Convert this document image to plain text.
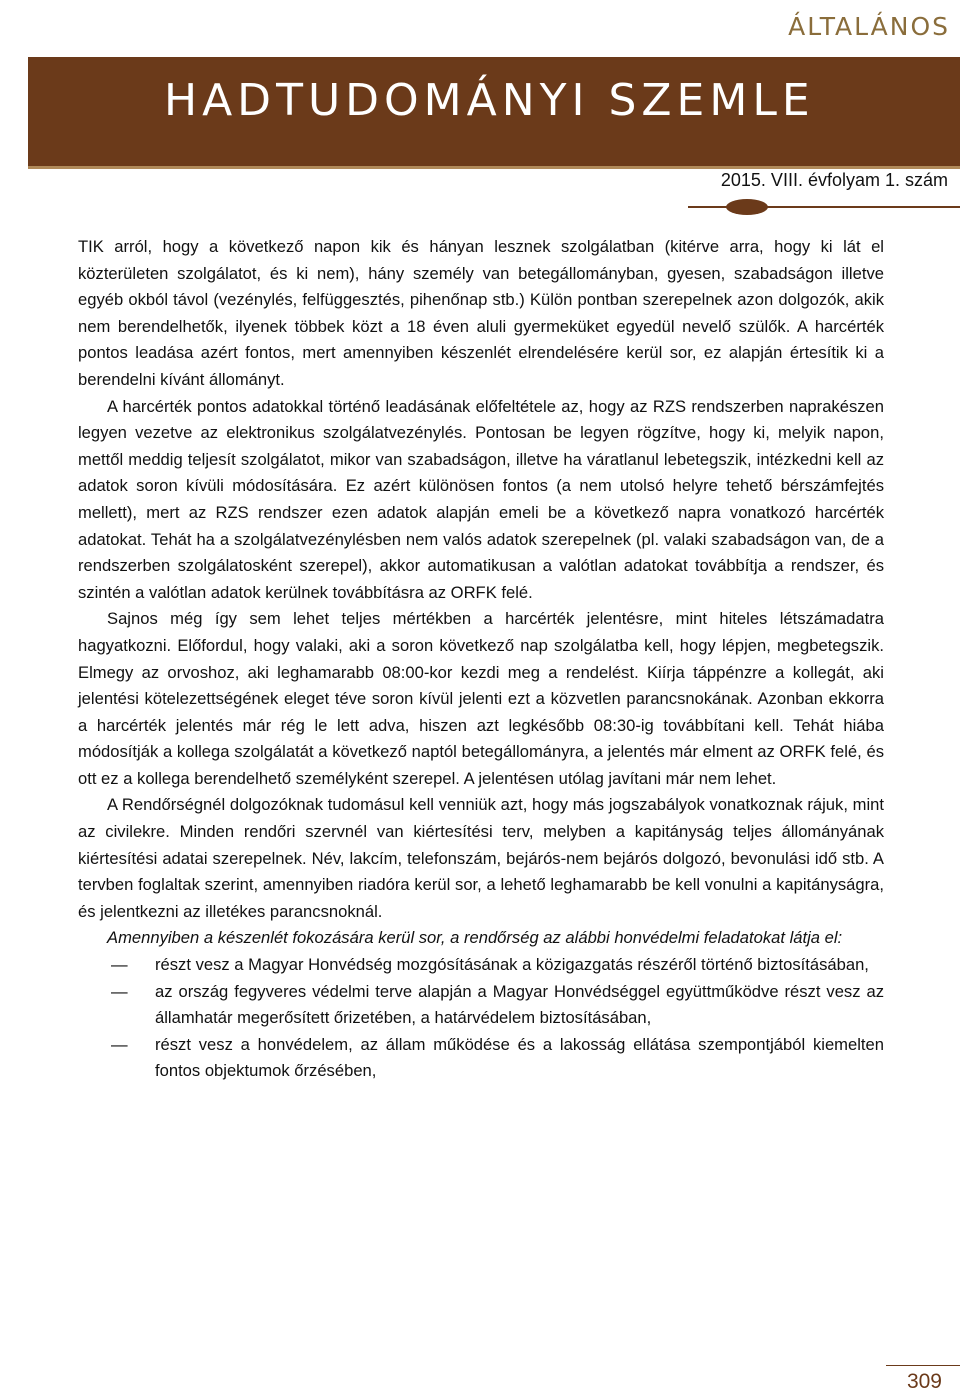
ÁLTALÁNOS
HADTUDOMÁNYI SZEMLE
2015. VIII. évfolyam 1. szám

TIK arról, hogy a következő napon kik és hányan lesznek szolgálatban (kitérve arra, hogy ki lát el közterületen szolgálatot, és ki nem), hány személy van betegállományban, gyesen, szabadságon illetve egyéb okból távol (vezénylés, felfüggesztés, pihenőnap stb.) Külön pontban szerepelnek azon dolgozók, akik nem berendelhetők, ilyenek többek közt a 18 éven aluli gyermeküket egyedül nevelő szülők. A harcérték pontos leadása azért fontos, mert amennyiben készenlét elrendelésére kerül sor, ez alapján értesítik ki a berendelni kívánt állományt.

A harcérték pontos adatokkal történő leadásának előfeltétele az, hogy az RZS rendszerben naprakészen legyen vezetve az elektronikus szolgálatvezénylés. Pontosan be legyen rögzítve, hogy ki, melyik napon, mettől meddig teljesít szolgálatot, mikor van szabadságon, illetve ha váratlanul lebetegszik, intézkedni kell az adatok soron kívüli módosítására. Ez azért különösen fontos (a nem utolsó helyre tehető bérszámfejtés mellett), mert az RZS rendszer ezen adatok alapján emeli be a következő napra vonatkozó harcérték adatokat. Tehát ha a szolgálatvezénylésben nem valós adatok szerepelnek (pl. valaki szabadságon van, de a rendszerben szolgálatosként szerepel), akkor automatikusan a valótlan adatokat továbbítja a rendszer, és szintén a valótlan adatok kerülnek továbbításra az ORFK felé.

Sajnos még így sem lehet teljes mértékben a harcérték jelentésre, mint hiteles létszámadatra hagyatkozni. Előfordul, hogy valaki, aki a soron következő nap szolgálatba kell, hogy lépjen, megbetegszik. Elmegy az orvoshoz, aki leghamarabb 08:00-kor kezdi meg a rendelést. Kiírja táppénzre a kollegát, aki jelentési kötelezettségének eleget téve soron kívül jelenti ezt a közvetlen parancsnokának. Azonban ekkorra a harcérték jelentés már rég le lett adva, hiszen azt legkésőbb 08:30-ig továbbítani kell. Tehát hiába módosítják a kollega szolgálatát a következő naptól betegállományra, a jelentés már elment az ORFK felé, és ott ez a kollega berendelhető személyként szerepel. A jelentésen utólag javítani már nem lehet.

A Rendőrségnél dolgozóknak tudomásul kell venniük azt, hogy más jogszabályok vonatkoznak rájuk, mint az civilekre. Minden rendőri szervnél van kiértesítési terv, melyben a kapitányság teljes állományának kiértesítési adatai szerepelnek. Név, lakcím, telefonszám, bejárós-nem bejárós dolgozó, bevonulási idő stb. A tervben foglaltak szerint, amennyiben riadóra kerül sor, a lehető leghamarabb be kell vonulni a kapitányságra, és jelentkezni az illetékes parancsnoknál.

Amennyiben a készenlét fokozására kerül sor, a rendőrség az alábbi honvédelmi feladatokat látja el:

— részt vesz a Magyar Honvédség mozgósításának a közigazgatás részéről történő biztosításában,
— az ország fegyveres védelmi terve alapján a Magyar Honvédséggel együttműködve részt vesz az államhatár megerősített őrizetében, a határvédelem biztosításában,
— részt vesz a honvédelem, az állam működése és a lakosság ellátása szempontjából kiemelten fontos objektumok őrzésében,
309
